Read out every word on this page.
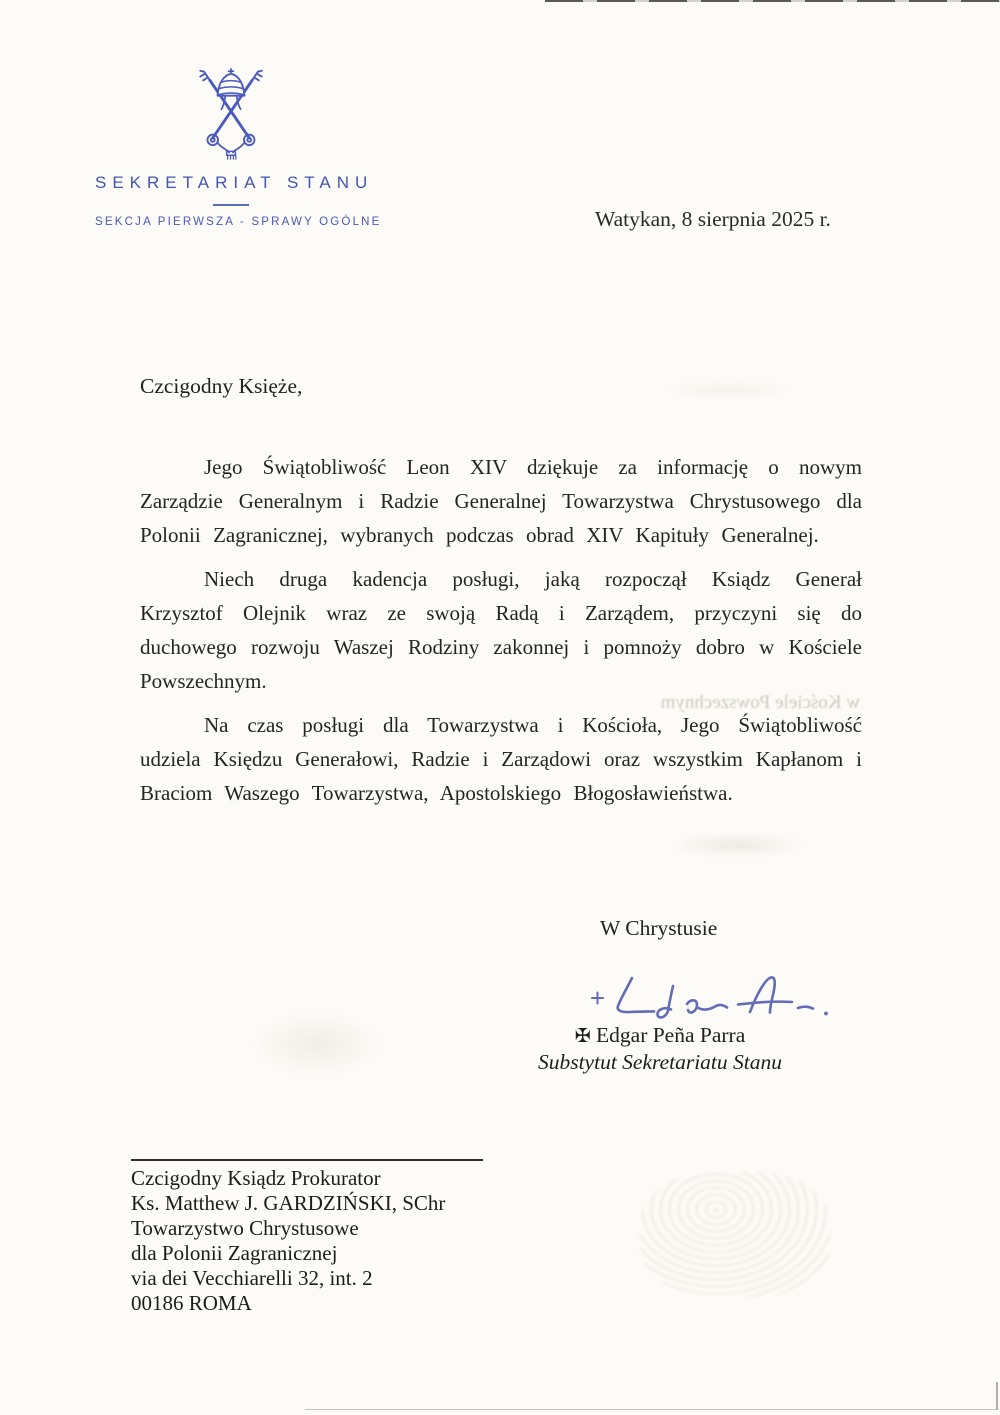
SEKRETARIAT STANU
SEKCJA PIERWSZA - SPRAWY OGÓLNE	Watykan, 8 sierpnia 2025 r.
w Kościele Powszechnym
Czcigodny Księże,

Jego Świątobliwość Leon XIV dziękuje za informację o nowym Zarządzie Generalnym i Radzie Generalnej Towarzystwa Chrystusowego dla Polonii Zagranicznej, wybranych podczas obrad XIV Kapituły Generalnej.

Niech druga kadencja posługi, jaką rozpoczął Ksiądz Generał Krzysztof Olejnik wraz ze swoją Radą i Zarządem, przyczyni się do duchowego rozwoju Waszej Rodziny zakonnej i pomnoży dobro w Kościele Powszechnym.

Na czas posługi dla Towarzystwa i Kościoła, Jego Świątobliwość udziela Księdzu Generałowi, Radzie i Zarządowi oraz wszystkim Kapłanom i Braciom Waszego Towarzystwa, Apostolskiego Błogosławieństwa.

W Chrystusie
✠ Edgar Peña Parra
Substytut Sekretariatu Stanu
Czcigodny Ksiądz Prokurator
Ks. Matthew J. GARDZIŃSKI, SChr
Towarzystwo Chrystusowe
dla Polonii Zagranicznej
via dei Vecchiarelli 32, int. 2
00186 ROMA
